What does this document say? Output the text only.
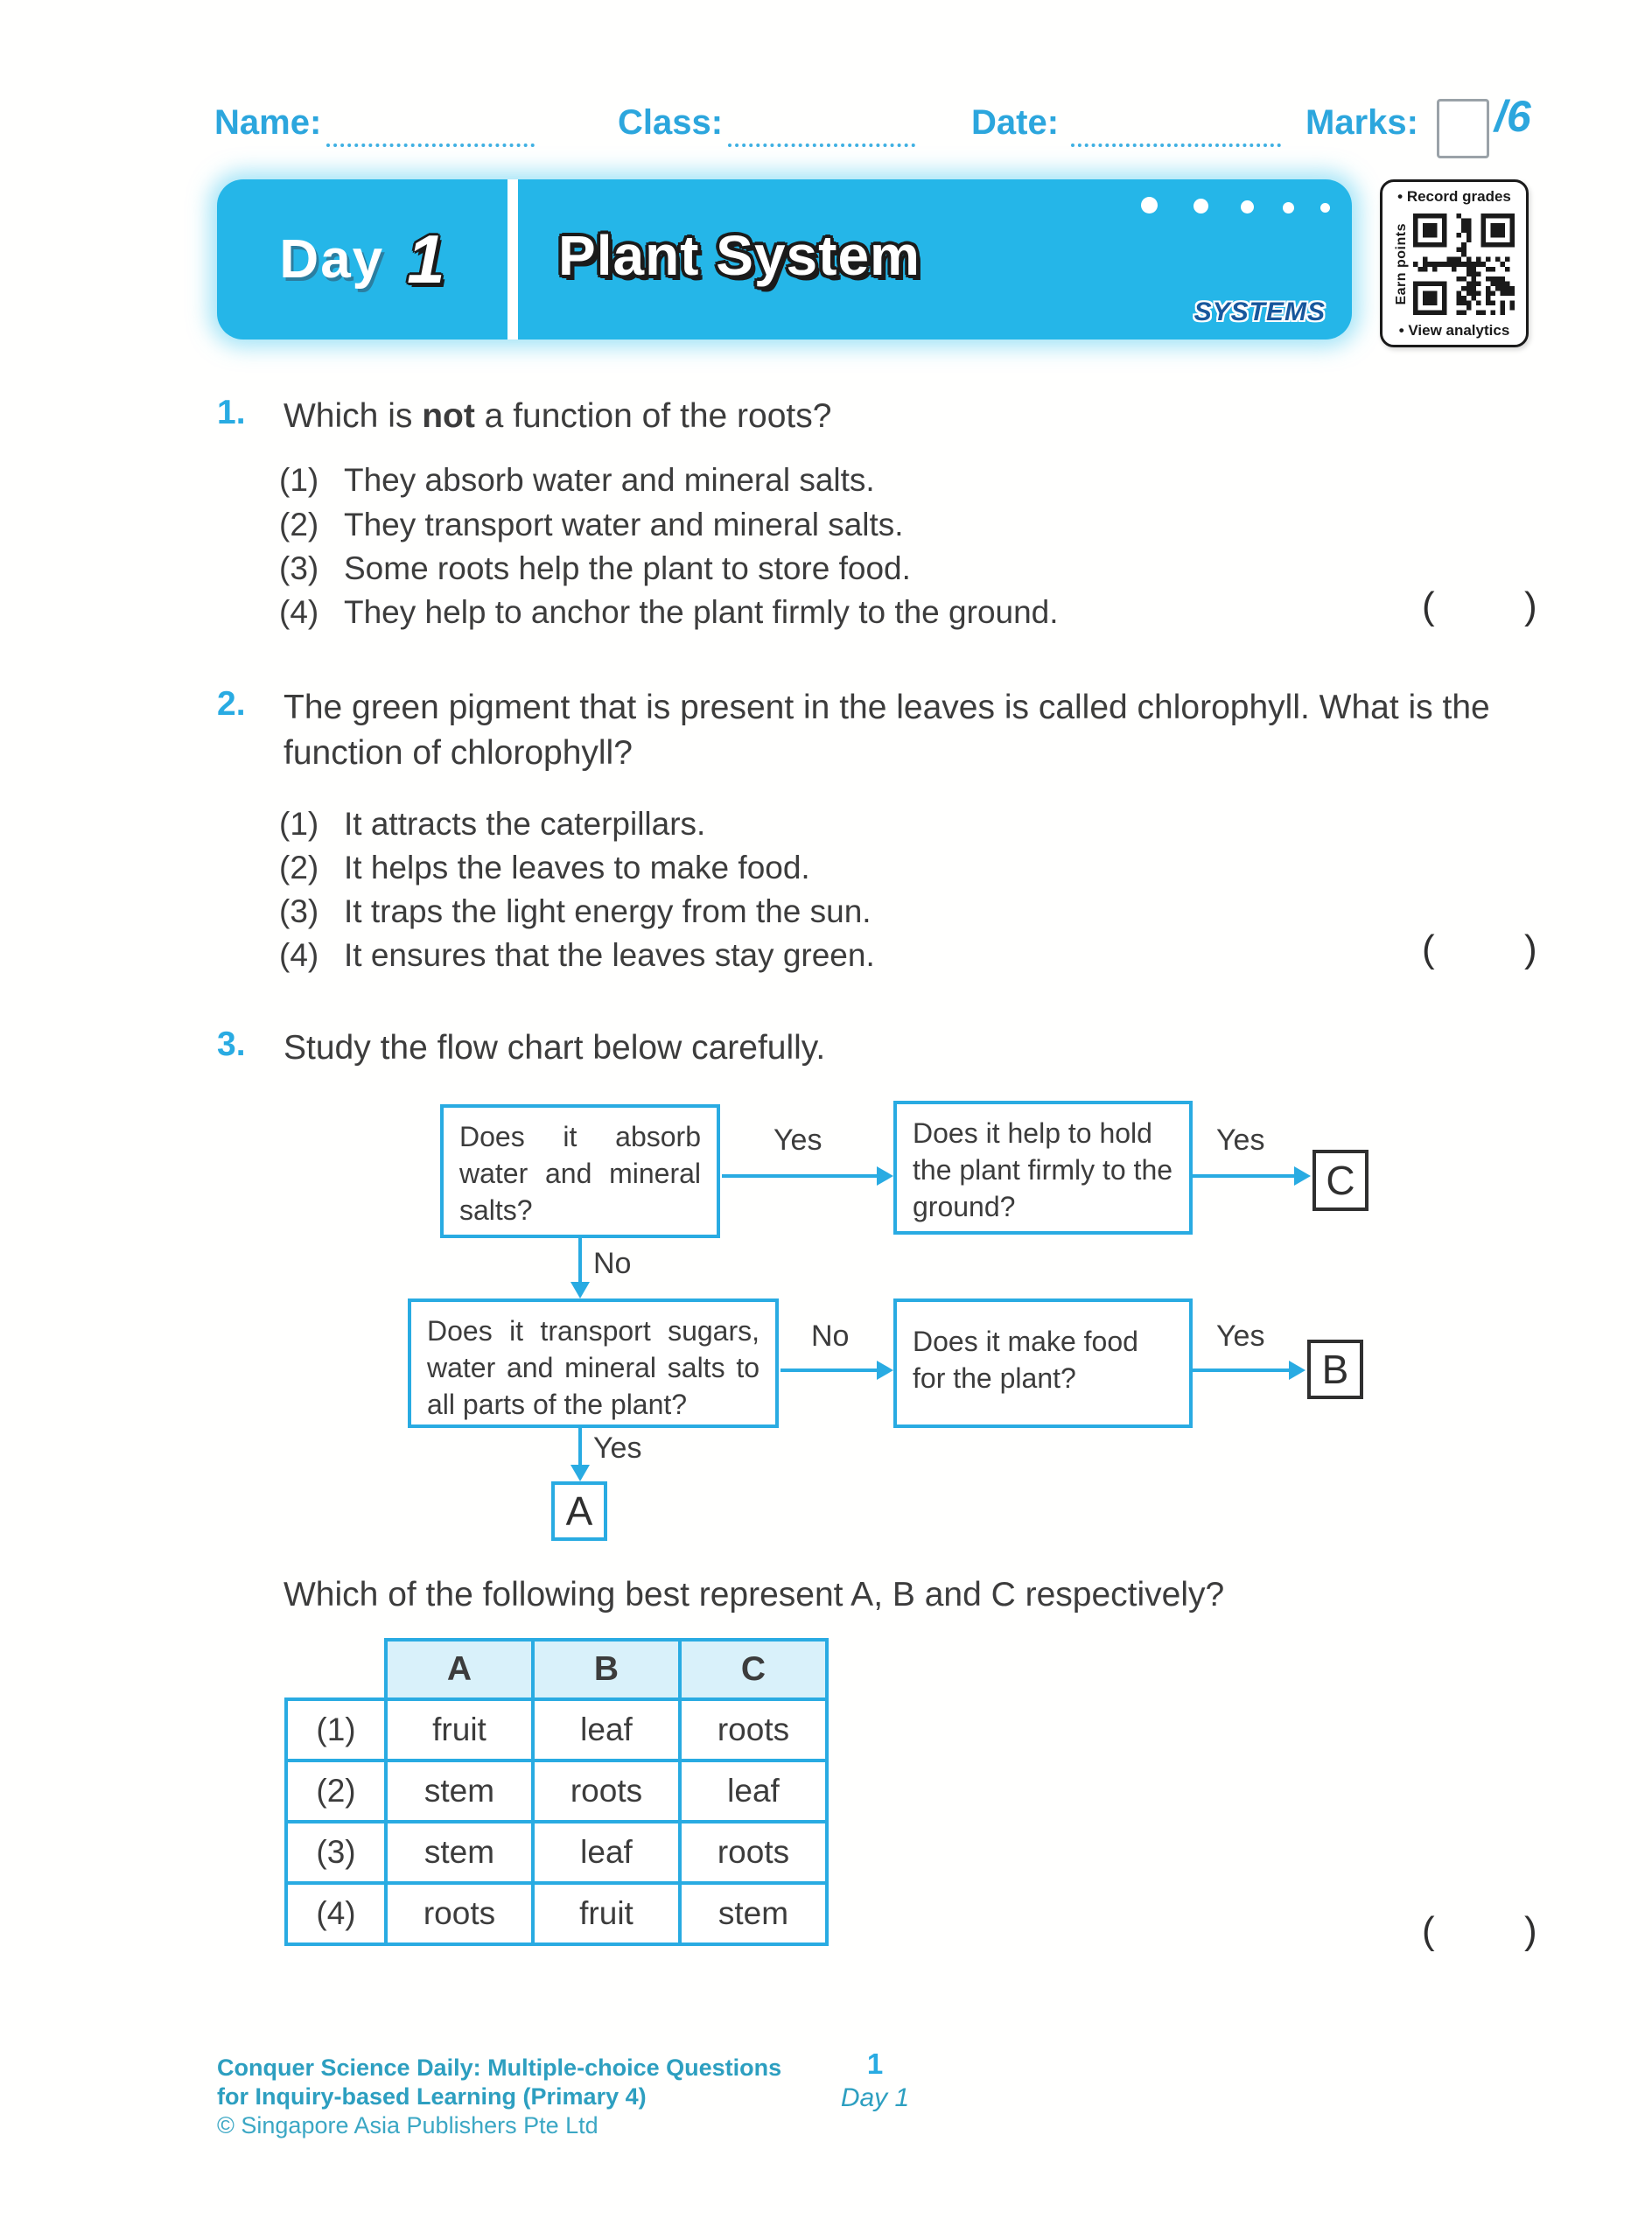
Name:	Class:	Date:	Marks: /6
Day 1 Plant System
SYSTEMS
• Record grades
Earn points
• View analytics
1. Which is not a function of the roots?
(1) They absorb water and mineral salts.
(2) They transport water and mineral salts.
(3) Some roots help the plant to store food.
(4) They help to anchor the plant firmly to the ground.	( )
2. The green pigment that is present in the leaves is called chlorophyll. What is the function of chlorophyll?
(1) It attracts the caterpillars.
(2) It helps the leaves to make food.
(3) It traps the light energy from the sun.
(4) It ensures that the leaves stay green.	( )
3. Study the flow chart below carefully.
Does it absorb water and mineral salts?
Does it help to hold the plant firmly to the ground?
C
Does it transport sugars, water and mineral salts to all parts of the plant?
Does it make food for the plant?	B
A
Yes	Yes
No
No	Yes
Yes
Which of the following best represent A, B and C respectively?
	A	B	C
(1)	fruit	leaf	roots
(2)	stem	roots	leaf
(3)	stem	leaf	roots
(4)	roots	fruit	stem	( )
Conquer Science Daily: Multiple-choice Questions
for Inquiry-based Learning (Primary 4)
© Singapore Asia Publishers Pte Ltd
1
Day 1
